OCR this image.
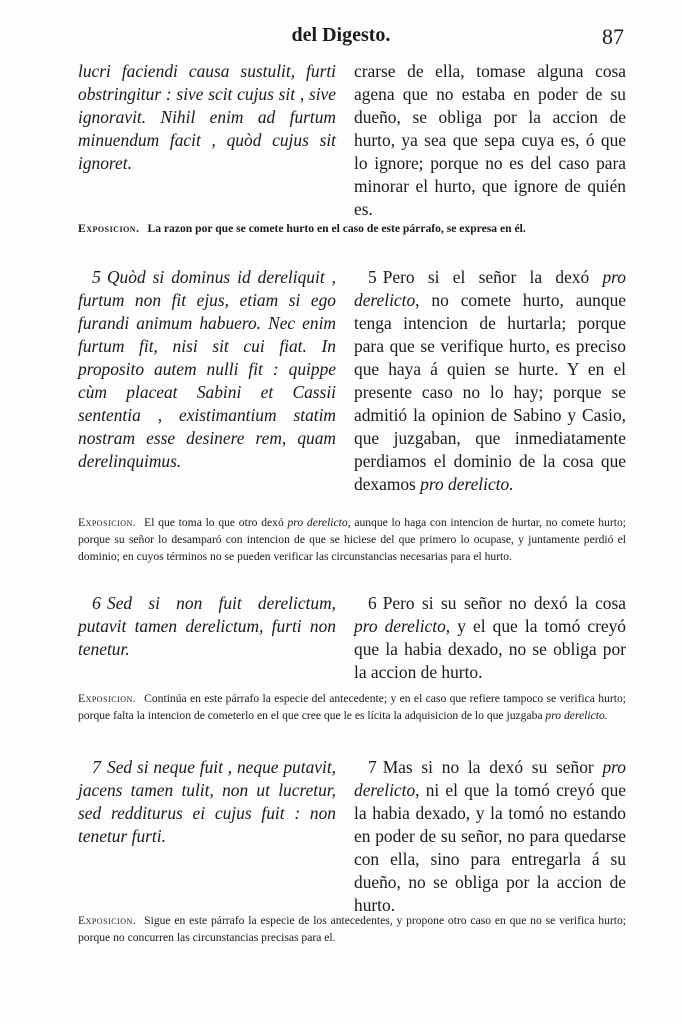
del Digesto.	87
lucri faciendi causa sustulit, furti obstringitur : sive scit cujus sit , sive ignoravit. Nihil enim ad furtum minuendum facit , quòd cujus sit ignoret.
crarse de ella, tomase alguna cosa agena que no estaba en poder de su dueño, se obliga por la accion de hurto, ya sea que sepa cuya es, ó que lo ignore; porque no es del caso para minorar el hurto, que ignore de quién es.
Exposicion. La razon por que se comete hurto en el caso de este párrafo, se expresa en él.
5 Quòd si dominus id dereliquit , furtum non fit ejus, etiam si ego furandi animum habuero. Nec enim furtum fit, nisi sit cui fiat. In proposito autem nulli fit : quippe cùm placeat Sabini et Cassii sententia , existimantium statim nostram esse desinere rem, quam derelinquimus.
5 Pero si el señor la dexó pro derelicto, no comete hurto, aunque tenga intencion de hurtarla; porque para que se verifique hurto, es preciso que haya á quien se hurte. Y en el presente caso no lo hay; porque se admitió la opinion de Sabino y Casio, que juzgaban, que inmediatamente perdiamos el dominio de la cosa que dexamos pro derelicto.
Exposicion. El que toma lo que otro dexó pro derelicto, aunque lo haga con intencion de hurtar, no comete hurto; porque su señor lo desamparó con intencion de que se hiciese del que primero lo ocupase, y juntamente perdió el dominio; en cuyos términos no se pueden verificar las circunstancias necesarias para el hurto.
6 Sed si non fuit derelictum, putavit tamen derelictum, furti non tenetur.
6 Pero si su señor no dexó la cosa pro derelicto, y el que la tomó creyó que la habia dexado, no se obliga por la accion de hurto.
Exposicion. Continúa en este párrafo la especie del antecedente; y en el caso que refiere tampoco se verifica hurto; porque falta la intencion de cometerlo en el que cree que le es lícita la adquisicion de lo que juzgaba pro derelicto.
7 Sed si neque fuit , neque putavit, jacens tamen tulit, non ut lucretur, sed redditurus ei cujus fuit : non tenetur furti.
7 Mas si no la dexó su señor pro derelicto, ni el que la tomó creyó que la habia dexado, y la tomó no estando en poder de su señor, no para quedarse con ella, sino para entregarla á su dueño, no se obliga por la accion de hurto.
Exposicion. Sigue en este párrafo la especie de los antecedentes, y propone otro caso en que no se verifica hurto; porque no concurren las circunstancias precisas para el.
